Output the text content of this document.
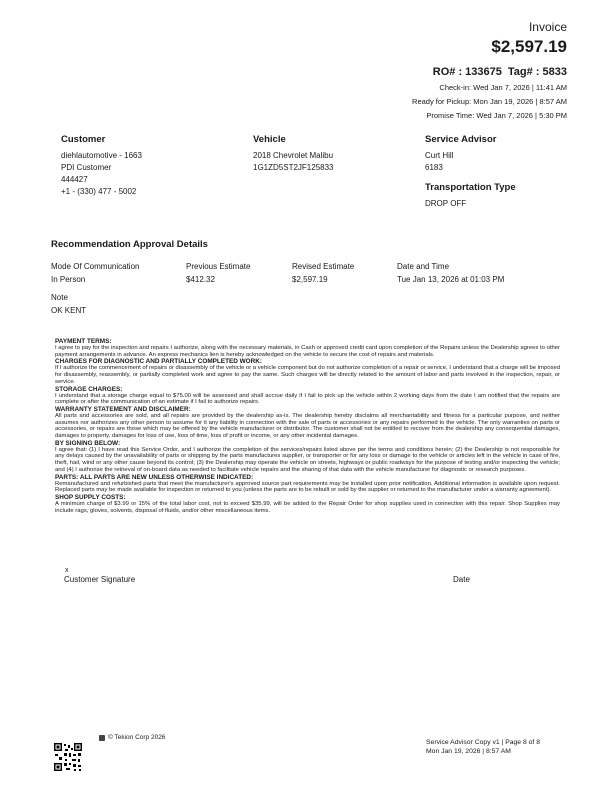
Invoice
$2,597.19
RO# : 133675 Tag# : 5833
Check-in: Wed Jan 7, 2026 | 11:41 AM
Ready for Pickup: Mon Jan 19, 2026 | 8:57 AM
Promise Time: Wed Jan 7, 2026 | 5:30 PM
Customer
diehlautomotive - 1663
PDI Customer
444427
+1 - (330) 477 - 5002
Vehicle
2018 Chevrolet Malibu
1G1ZD5ST2JF125833
Service Advisor
Curt Hill
6183
Transportation Type
DROP OFF
Recommendation Approval Details
Mode Of Communication
In Person
Previous Estimate
$412.32
Revised Estimate
$2,597.19
Date and Time
Tue Jan 13, 2026 at 01:03 PM
Note
OK KENT
PAYMENT TERMS:
I agree to pay for the inspection and repairs I authorize, along with the necessary materials, in Cash or approved credit card upon completion of the Repairs unless the Dealership agrees to other payment arrangements in advance. An express mechanics lien is hereby acknowledged on the vehicle to secure the cost of repairs and materials.
CHARGES FOR DIAGNOSTIC AND PARTIALLY COMPLETED WORK:
If I authorize the commencement of repairs or disassembly of the vehicle or a vehicle component but do not authorize completion of a repair or service, I understand that a charge will be imposed for disassembly, reassembly, or partially completed work and agree to pay the same. Such charges will be directly related to the amount of labor and parts involved in the inspection, repair, or service.
STORAGE CHARGES:
I understand that a storage charge equal to $75.00 will be assessed and shall accrue daily if I fail to pick up the vehicle within 2 working days from the date I am notified that the repairs are complete or after the communication of an estimate if I fail to authorize repairs.
WARRANTY STATEMENT AND DISCLAIMER:
All parts and accessories are sold, and all repairs are provided by the dealership as-is. The dealership hereby disclaims all merchantability and fitness for a particular purpose, and neither assumes nor authorizes any other person to assume for it any liability in connection with the sale of parts or accessories or any repairs performed to the vehicle. The only warranties on parts or accessories, or repairs are those which may be offered by the vehicle manufacturer or distributor. The customer shall not be entitled to recover from the dealership any consequential damages, damages to property, damages for loss of use, loss of time, loss of profit or income, or any other incidental damages.
BY SIGNING BELOW:
I agree that: (1) I have read this Service Order, and I authorize the completion of the services/repairs listed above per the terms and conditions herein; (2) the Dealership is not responsible for any delays caused by the unavailability of parts or shipping by the parts manufactures supplier, or transporter or for any loss or damage to the vehicle or articles left in the vehicle in case of fire, theft, hail, wind or any other cause beyond its control; (3) the Dealership may operate the vehicle on streets, highways or public roadways for the purpose of testing and/or inspecting the vehicle; and (4) I authorize the retrieval of on-board data as needed to facilitate vehicle repairs and the sharing of that data with the vehicle manufacturer for diagnostic or research purposes.
PARTS: ALL PARTS ARE NEW UNLESS OTHERWISE INDICATED:
Remanufactured and refurbished parts that meet the manufacturer's approved source part requirements may be installed upon prior notification. Additional information is available upon request. Replaced parts may be made available for inspection or returned to you (unless the parts are to be rebuilt or sold by the supplier or returned to the manufacturer under a warranty agreement).
SHOP SUPPLY COSTS:
A minimum charge of $3.99 or 15% of the total labor cost, not to exceed $35.99, will be added to the Repair Order for shop supplies used in connection with this repair. Shop Supplies may include rags, gloves, solvents, disposal of fluids, and/or other miscellaneous items.
x
Customer Signature	Date
© Tekion Corp 2026
Service Advisor Copy v1 | Page 8 of 8
Mon Jan 19, 2026 | 8:57 AM
